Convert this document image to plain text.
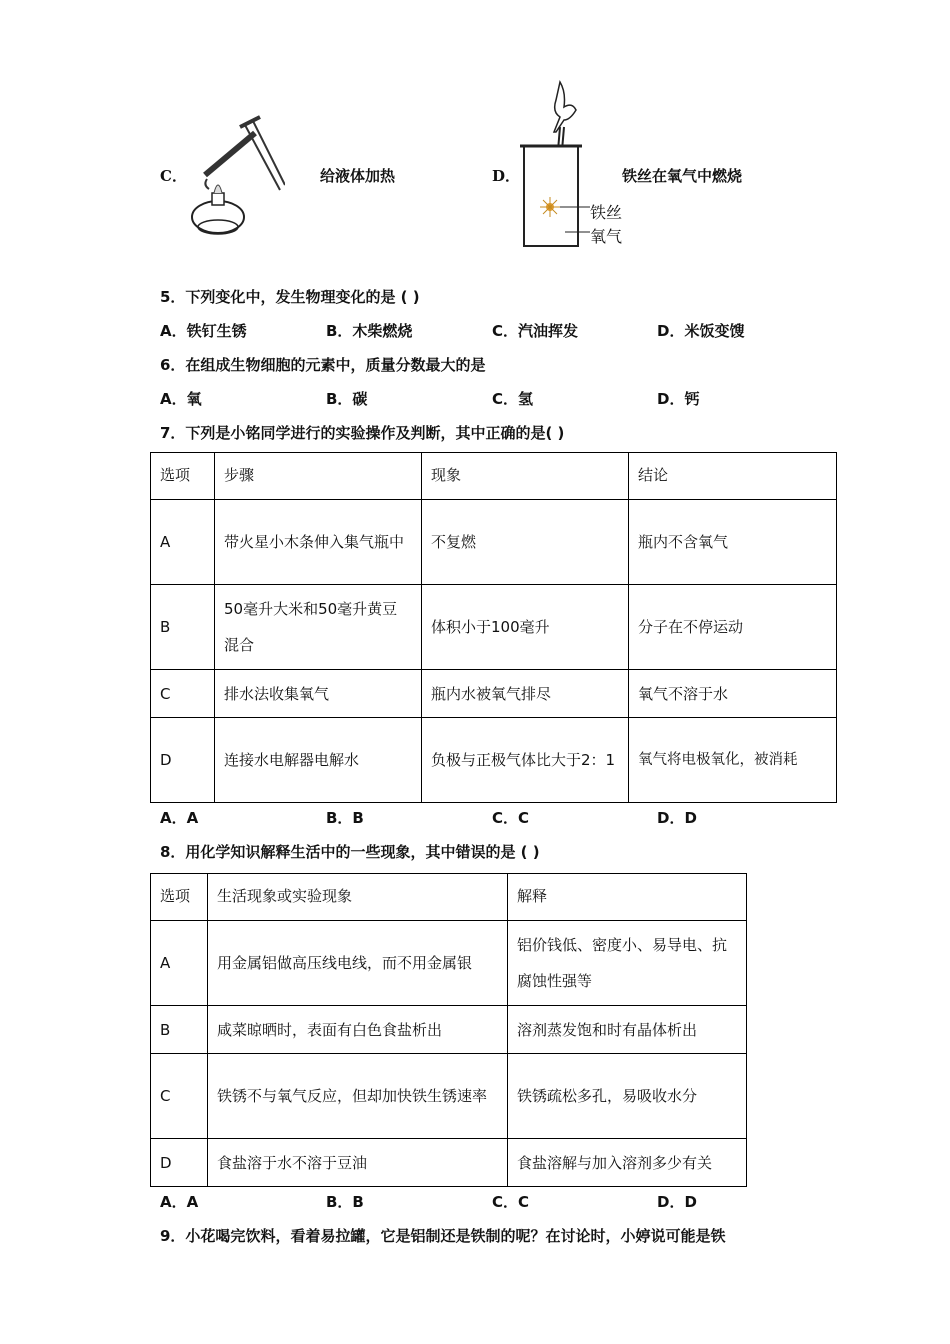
C．	给液体加热	D．
铁丝
氧气
铁丝在氧气中燃烧
5．下列变化中，发生物理变化的是 ( )
A．铁钉生锈	B．木柴燃烧	C．汽油挥发	D．米饭变馊
6．在组成生物细胞的元素中，质量分数最大的是
A．氧	B．碳	C．氢	D．钙
7．下列是小铭同学进行的实验操作及判断，其中正确的是( )
选项	步骤	现象	结论
A	带火星小木条伸入集气瓶中	不复燃	瓶内不含氧气
B	50毫升大米和50毫升黄豆混合	体积小于100毫升	分子在不停运动
C	排水法收集氧气	瓶内水被氧气排尽	氧气不溶于水
D	连接水电解器电解水	负极与正极气体比大于2：1	氧气将电极氧化，被消耗
A．A	B．B	C．C	D．D
8．用化学知识解释生活中的一些现象，其中错误的是 ( )
选项	生活现象或实验现象	解释
A	用金属铝做高压线电线，而不用金属银	铝价钱低、密度小、易导电、抗腐蚀性强等
B	咸菜晾晒时，表面有白色食盐析出	溶剂蒸发饱和时有晶体析出
C	铁锈不与氧气反应，但却加快铁生锈速率	铁锈疏松多孔，易吸收水分
D	食盐溶于水不溶于豆油	食盐溶解与加入溶剂多少有关
A．A	B．B	C．C	D．D
9．小花喝完饮料，看着易拉罐，它是铝制还是铁制的呢？在讨论时，小婷说可能是铁
